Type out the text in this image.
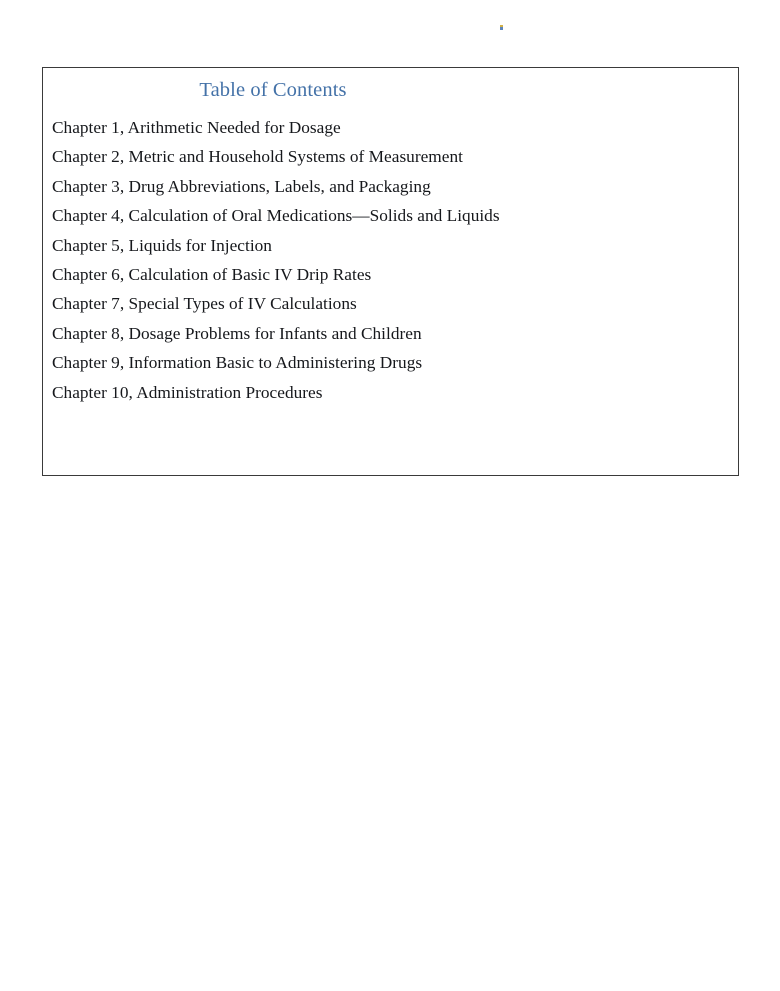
Table of Contents
Chapter 1, Arithmetic Needed for Dosage
Chapter 2, Metric and Household Systems of Measurement
Chapter 3, Drug Abbreviations, Labels, and Packaging
Chapter 4, Calculation of Oral Medications—Solids and Liquids
Chapter 5, Liquids for Injection
Chapter 6, Calculation of Basic IV Drip Rates
Chapter 7, Special Types of IV Calculations
Chapter 8, Dosage Problems for Infants and Children
Chapter 9, Information Basic to Administering Drugs
Chapter 10, Administration Procedures
